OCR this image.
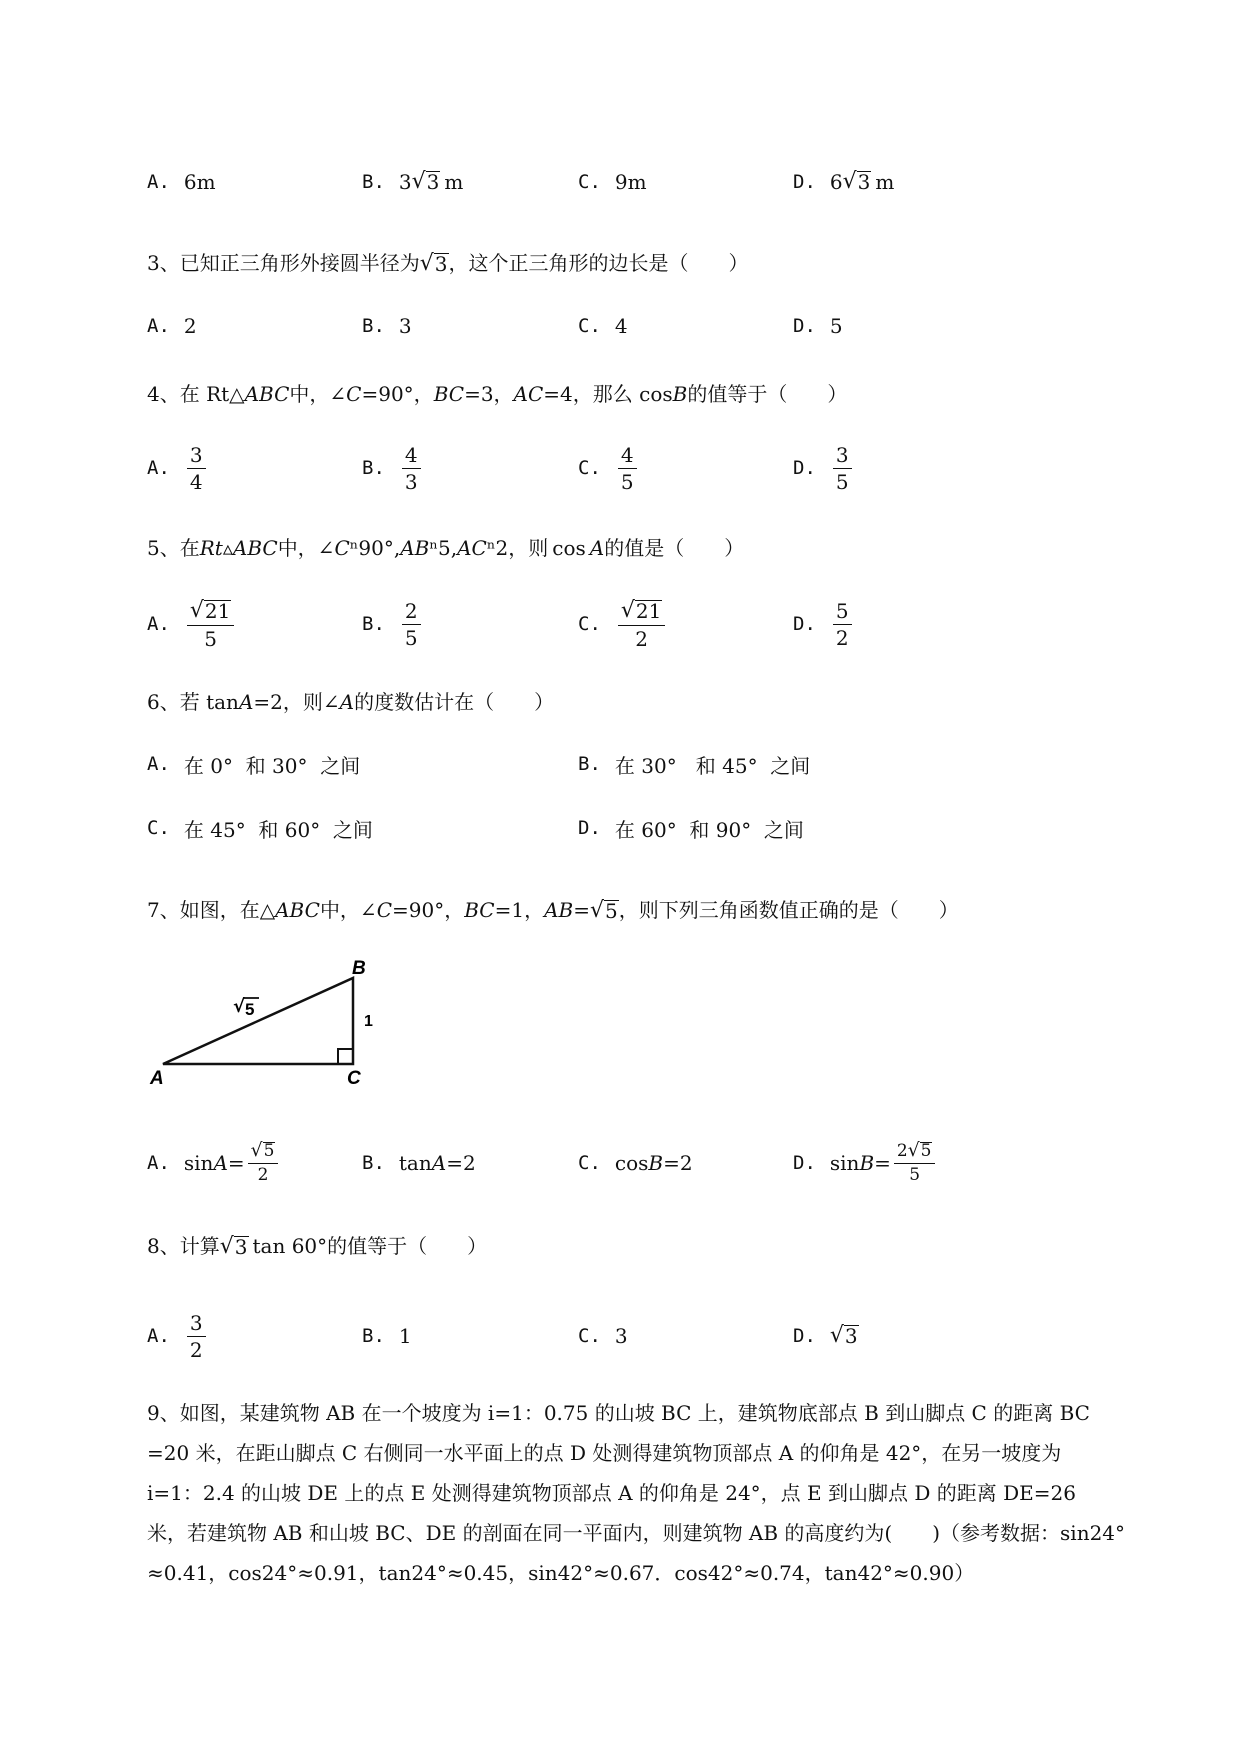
A. 6m	B. 3 √ 3 m	C. 9m	D. 6 √ 3 m
3、已知正三角形外接圆半径为 √ 3 ，这个正三角形的边长是（　　）
A. 2	B. 3	C. 4	D. 5
4、在 Rt△ABC中，∠C=90°，BC=3，AC=4，那么 cosB的值等于（　　）
A. $\frac{3}{4}$	B. $\frac{4}{3}$	C. $\frac{4}{5}$	D. $\frac{3}{5}$
5、在Rt▵ABC中，∠Cⁿ90°,ABⁿ5,ACⁿ2，则 cos A的值是（　　）
A. $\frac{√ 21}{5}$	B. $\frac{2}{5}$	C. $\frac{√ 21}{2}$	D. $\frac{5}{2}$
6、若 tanA=2，则∠A的度数估计在（　　）
A. 在 0°  和 30°  之间	B. 在 30°   和 45°  之间
C. 在 45°  和 60°  之间	D. 在 60°  和 90°  之间
7、如图，在△ABC中，∠C=90°，BC=1，AB= √ 5 ，则下列三角函数值正确的是（　　）
A
B
C
1
√ 5
A. $\sin A = \frac{√ 5}{2}$	B. tan A =2	C. cos B =2	D. $\sin B = \frac{2 √ 5}{5}$
8、计算 √ 3 tan 60°的值等于（　　）
A. $\frac{3}{2}$	B. 1	C. 3	D. √ 3
9、如图，某建筑物 AB 在一个坡度为 i=1：0.75 的山坡 BC 上，建筑物底部点 B 到山脚点 C 的距离 BC
=20 米，在距山脚点 C 右侧同一水平面上的点 D 处测得建筑物顶部点 A 的仰角是 42°，在另一坡度为
i=1：2.4 的山坡 DE 上的点 E 处测得建筑物顶部点 A 的仰角是 24°，点 E 到山脚点 D 的距离 DE=26
米，若建筑物 AB 和山坡 BC、DE 的剖面在同一平面内，则建筑物 AB 的高度约为(　　)（参考数据：sin24°
≈0.41，cos24°≈0.91，tan24°≈0.45，sin42°≈0.67．cos42°≈0.74，tan42°≈0.90）
